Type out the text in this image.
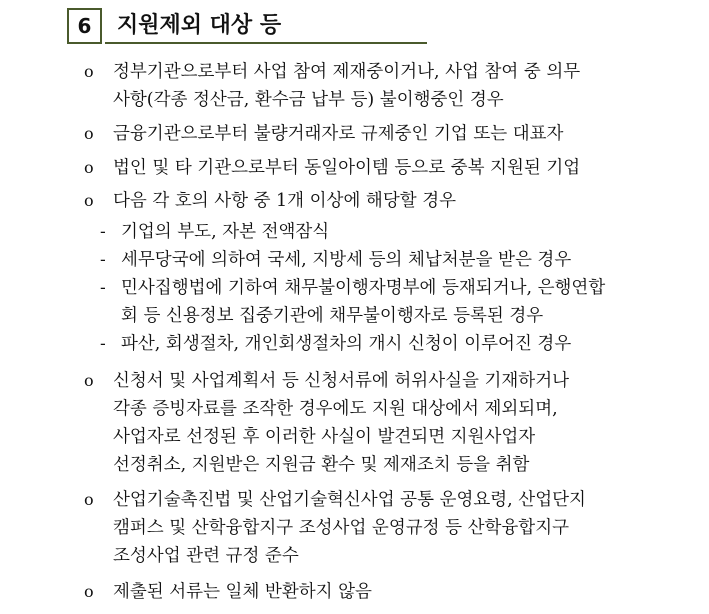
6 지원제외 대상 등
ο 정부기관으로부터 사업 참여 제재중이거나, 사업 참여 중 의무
사항(각종 정산금, 환수금 납부 등) 불이행중인 경우
ο 금융기관으로부터 불량거래자로 규제중인 기업 또는 대표자
ο 법인 및 타 기관으로부터 동일아이템 등으로 중복 지원된 기업
ο 다음 각 호의 사항 중 1개 이상에 해당할 경우
- 기업의 부도, 자본 전액잠식
- 세무당국에 의하여 국세, 지방세 등의 체납처분을 받은 경우
- 민사집행법에 기하여 채무불이행자명부에 등재되거나, 은행연합
회 등 신용정보 집중기관에 채무불이행자로 등록된 경우
- 파산, 회생절차, 개인회생절차의 개시 신청이 이루어진 경우
ο 신청서 및 사업계획서 등 신청서류에 허위사실을 기재하거나
각종 증빙자료를 조작한 경우에도 지원 대상에서 제외되며,
사업자로 선정된 후 이러한 사실이 발견되면 지원사업자
선정취소, 지원받은 지원금 환수 및 제재조치 등을 취함
ο 산업기술촉진법 및 산업기술혁신사업 공통 운영요령, 산업단지
캠퍼스 및 산학융합지구 조성사업 운영규정 등 산학융합지구
조성사업 관련 규정 준수
ο 제출된 서류는 일체 반환하지 않음
